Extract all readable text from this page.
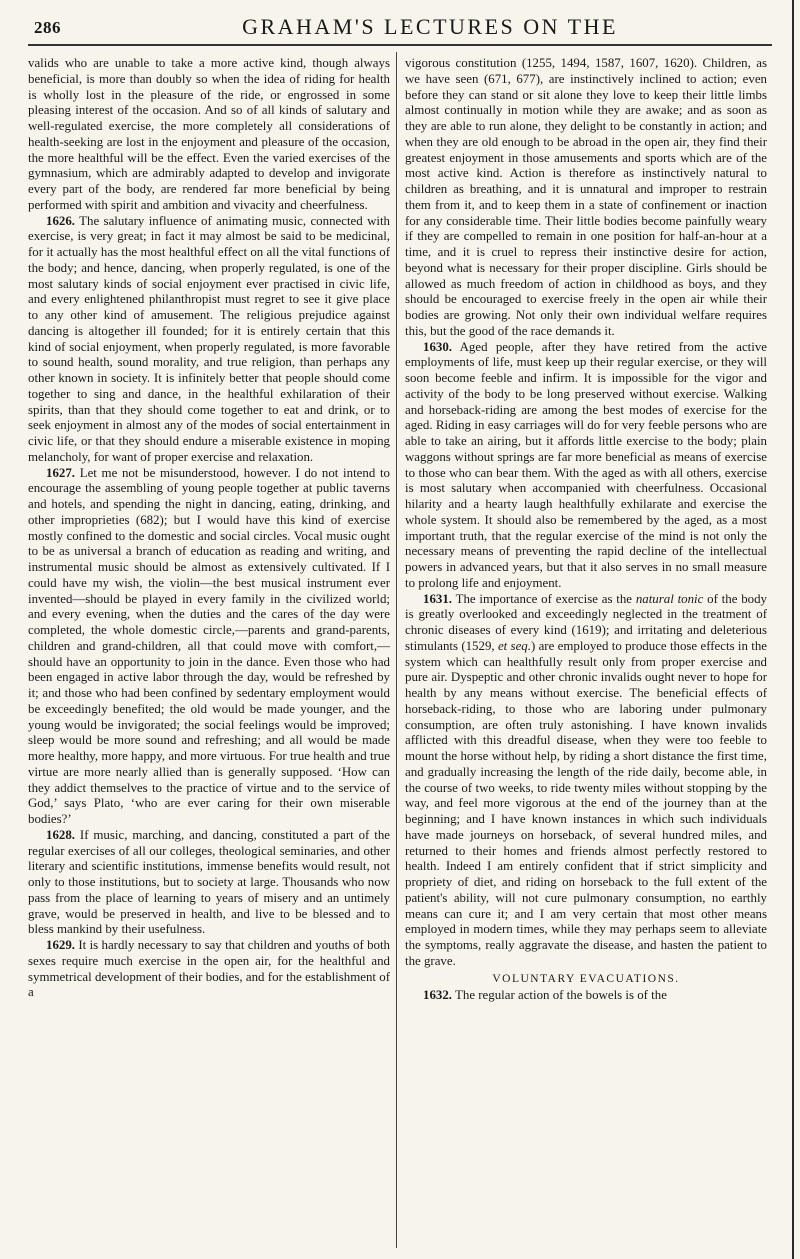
286	GRAHAM'S LECTURES ON THE

valids who are unable to take a more active kind, though always beneficial, is more than doubly so when the idea of riding for health is wholly lost in the pleasure of the ride, or engrossed in some pleasing interest of the occasion. And so of all kinds of salutary and well-regulated exercise, the more completely all considerations of health-seeking are lost in the enjoyment and pleasure of the occasion, the more healthful will be the effect. Even the varied exercises of the gymnasium, which are admirably adapted to develop and invigorate every part of the body, are rendered far more beneficial by being performed with spirit and ambition and vivacity and cheerfulness.

1626. The salutary influence of animating music, connected with exercise, is very great; in fact it may almost be said to be medicinal, for it actually has the most healthful effect on all the vital functions of the body; and hence, dancing, when properly regulated, is one of the most salutary kinds of social enjoyment ever practised in civic life, and every enlightened philanthropist must regret to see it give place to any other kind of amusement. The religious prejudice against dancing is altogether ill founded; for it is entirely certain that this kind of social enjoyment, when properly regulated, is more favorable to sound health, sound morality, and true religion, than perhaps any other known in society. It is infinitely better that people should come together to sing and dance, in the healthful exhilaration of their spirits, than that they should come together to eat and drink, or to seek enjoyment in almost any of the modes of social entertainment in civic life, or that they should endure a miserable existence in moping melancholy, for want of proper exercise and relaxation.

1627. Let me not be misunderstood, however. I do not intend to encourage the assembling of young people together at public taverns and hotels, and spending the night in dancing, eating, drinking, and other improprieties (682); but I would have this kind of exercise mostly confined to the domestic and social circles. Vocal music ought to be as universal a branch of education as reading and writing, and instrumental music should be almost as extensively cultivated. If I could have my wish, the violin—the best musical instrument ever invented—should be played in every family in the civilized world; and every evening, when the duties and the cares of the day were completed, the whole domestic circle,—parents and grand-parents, children and grand-children, all that could move with comfort,—should have an opportunity to join in the dance. Even those who had been engaged in active labor through the day, would be refreshed by it; and those who had been confined by sedentary employment would be exceedingly benefited; the old would be made younger, and the young would be invigorated; the social feelings would be improved; sleep would be more sound and refreshing; and all would be made more healthy, more happy, and more virtuous. For true health and true virtue are more nearly allied than is generally supposed. ‘How can they addict themselves to the practice of virtue and to the service of God,’ says Plato, ‘who are ever caring for their own miserable bodies?’

1628. If music, marching, and dancing, constituted a part of the regular exercises of all our colleges, theological seminaries, and other literary and scientific institutions, immense benefits would result, not only to those institutions, but to society at large. Thousands who now pass from the place of learning to years of misery and an untimely grave, would be preserved in health, and live to be blessed and to bless mankind by their usefulness.

1629. It is hardly necessary to say that children and youths of both sexes require much exercise in the open air, for the healthful and symmetrical development of their bodies, and for the establishment of a

vigorous constitution (1255, 1494, 1587, 1607, 1620). Children, as we have seen (671, 677), are instinctively inclined to action; even before they can stand or sit alone they love to keep their little limbs almost continually in motion while they are awake; and as soon as they are able to run alone, they delight to be constantly in action; and when they are old enough to be abroad in the open air, they find their greatest enjoyment in those amusements and sports which are of the most active kind. Action is therefore as instinctively natural to children as breathing, and it is unnatural and improper to restrain them from it, and to keep them in a state of confinement or inaction for any considerable time. Their little bodies become painfully weary if they are compelled to remain in one position for half-an-hour at a time, and it is cruel to repress their instinctive desire for action, beyond what is necessary for their proper discipline. Girls should be allowed as much freedom of action in childhood as boys, and they should be encouraged to exercise freely in the open air while their bodies are growing. Not only their own individual welfare requires this, but the good of the race demands it.

1630. Aged people, after they have retired from the active employments of life, must keep up their regular exercise, or they will soon become feeble and infirm. It is impossible for the vigor and activity of the body to be long preserved without exercise. Walking and horseback-riding are among the best modes of exercise for the aged. Riding in easy carriages will do for very feeble persons who are able to take an airing, but it affords little exercise to the body; plain waggons without springs are far more beneficial as means of exercise to those who can bear them. With the aged as with all others, exercise is most salutary when accompanied with cheerfulness. Occasional hilarity and a hearty laugh healthfully exhilarate and exercise the whole system. It should also be remembered by the aged, as a most important truth, that the regular exercise of the mind is not only the necessary means of preventing the rapid decline of the intellectual powers in advanced years, but that it also serves in no small measure to prolong life and enjoyment.

1631. The importance of exercise as the natural tonic of the body is greatly overlooked and exceedingly neglected in the treatment of chronic diseases of every kind (1619); and irritating and deleterious stimulants (1529, et seq.) are employed to produce those effects in the system which can healthfully result only from proper exercise and pure air. Dyspeptic and other chronic invalids ought never to hope for health by any means without exercise. The beneficial effects of horseback-riding, to those who are laboring under pulmonary consumption, are often truly astonishing. I have known invalids afflicted with this dreadful disease, when they were too feeble to mount the horse without help, by riding a short distance the first time, and gradually increasing the length of the ride daily, become able, in the course of two weeks, to ride twenty miles without stopping by the way, and feel more vigorous at the end of the journey than at the beginning; and I have known instances in which such individuals have made journeys on horseback, of several hundred miles, and returned to their homes and friends almost perfectly restored to health. Indeed I am entirely confident that if strict simplicity and propriety of diet, and riding on horseback to the full extent of the patient's ability, will not cure pulmonary consumption, no earthly means can cure it; and I am very certain that most other means employed in modern times, while they may perhaps seem to alleviate the symptoms, really aggravate the disease, and hasten the patient to the grave.

VOLUNTARY EVACUATIONS.

1632. The regular action of the bowels is of the
